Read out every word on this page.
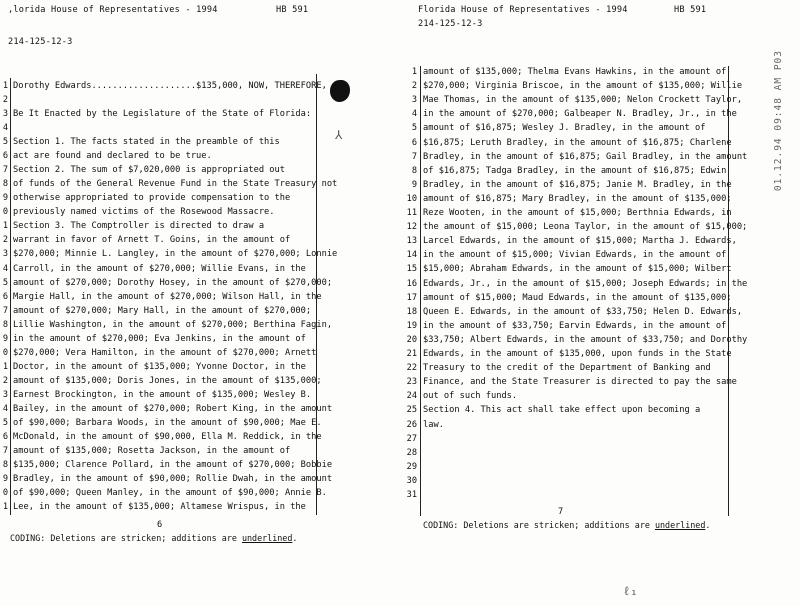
,lorida House of Representatives - 1994	HB 591
214-125-12-3
Florida House of Representatives - 1994	HB 591
214-125-12-3
1
2
3
4
5
6
7
8
9
0
1
2
3
4
5
6
7
8
9
0
1
2
3
4
5
6
7
8
9
0
1
Dorothy Edwards....................$135,000, NOW, THEREFORE,
Be It Enacted by the Legislature of the State of Florida:
Section 1. The facts stated in the preamble of this
act are found and declared to be true.
Section 2. The sum of $7,020,000 is appropriated out
of funds of the General Revenue Fund in the State Treasury not
otherwise appropriated to provide compensation to the
previously named victims of the Rosewood Massacre.
Section 3. The Comptroller is directed to draw a
warrant in favor of Arnett T. Goins, in the amount of
$270,000; Minnie L. Langley, in the amount of $270,000; Lonnie
Carroll, in the amount of $270,000; Willie Evans, in the
amount of $270,000; Dorothy Hosey, in the amount of $270,000;
Margie Hall, in the amount of $270,000; Wilson Hall, in the
amount of $270,000; Mary Hall, in the amount of $270,000;
Lillie Washington, in the amount of $270,000; Berthina Fagin,
in the amount of $270,000; Eva Jenkins, in the amount of
$270,000; Vera Hamilton, in the amount of $270,000; Arnett
Doctor, in the amount of $135,000; Yvonne Doctor, in the
amount of $135,000; Doris Jones, in the amount of $135,000;
Earnest Brockington, in the amount of $135,000; Wesley B.
Bailey, in the amount of $270,000; Robert King, in the amount
of $90,000; Barbara Woods, in the amount of $90,000; Mae E.
McDonald, in the amount of $90,000, Ella M. Reddick, in the
amount of $135,000; Rosetta Jackson, in the amount of
$135,000; Clarence Pollard, in the amount of $270,000; Bobbie
Bradley, in the amount of $90,000; Rollie Dwah, in the amount
of $90,000; Queen Manley, in the amount of $90,000; Annie B.
Lee, in the amount of $135,000; Altamese Wrispus, in the
6
CODING: Deletions are stricken; additions are underlined.
1
2
3
4
5
6
7
8
9
10
11
12
13
14
15
16
17
18
19
20
21
22
23
24
25
26
27
28
29
30
31
amount of $135,000; Thelma Evans Hawkins, in the amount of
$270,000; Virginia Briscoe, in the amount of $135,000; Willie
Mae Thomas, in the amount of $135,000; Nelon Crockett Taylor,
in the amount of $270,000; Galbeaper N. Bradley, Jr., in the
amount of $16,875; Wesley J. Bradley, in the amount of
$16,875; Leruth Bradley, in the amount of $16,875; Charlene
Bradley, in the amount of $16,875; Gail Bradley, in the amount
of $16,875; Tadga Bradley, in the amount of $16,875; Edwin
Bradley, in the amount of $16,875; Janie M. Bradley, in the
amount of $16,875; Mary Bradley, in the amount of $135,000;
Reze Wooten, in the amount of $15,000; Berthnia Edwards, in
the amount of $15,000; Leona Taylor, in the amount of $15,000;
Larcel Edwards, in the amount of $15,000; Martha J. Edwards,
in the amount of $15,000; Vivian Edwards, in the amount of
$15,000; Abraham Edwards, in the amount of $15,000; Wilbert
Edwards, Jr., in the amount of $15,000; Joseph Edwards; in the
amount of $15,000; Maud Edwards, in the amount of $135,000;
Queen E. Edwards, in the amount of $33,750; Helen D. Edwards,
in the amount of $33,750; Earvin Edwards, in the amount of
$33,750; Albert Edwards, in the amount of $33,750; and Dorothy
Edwards, in the amount of $135,000, upon funds in the State
Treasury to the credit of the Department of Banking and
Finance, and the State Treasurer is directed to pay the same
out of such funds.
Section 4. This act shall take effect upon becoming a
law.
7
CODING: Deletions are stricken; additions are underlined.
⅄
ℓ₁
01.12.94 09:48 AM P03
